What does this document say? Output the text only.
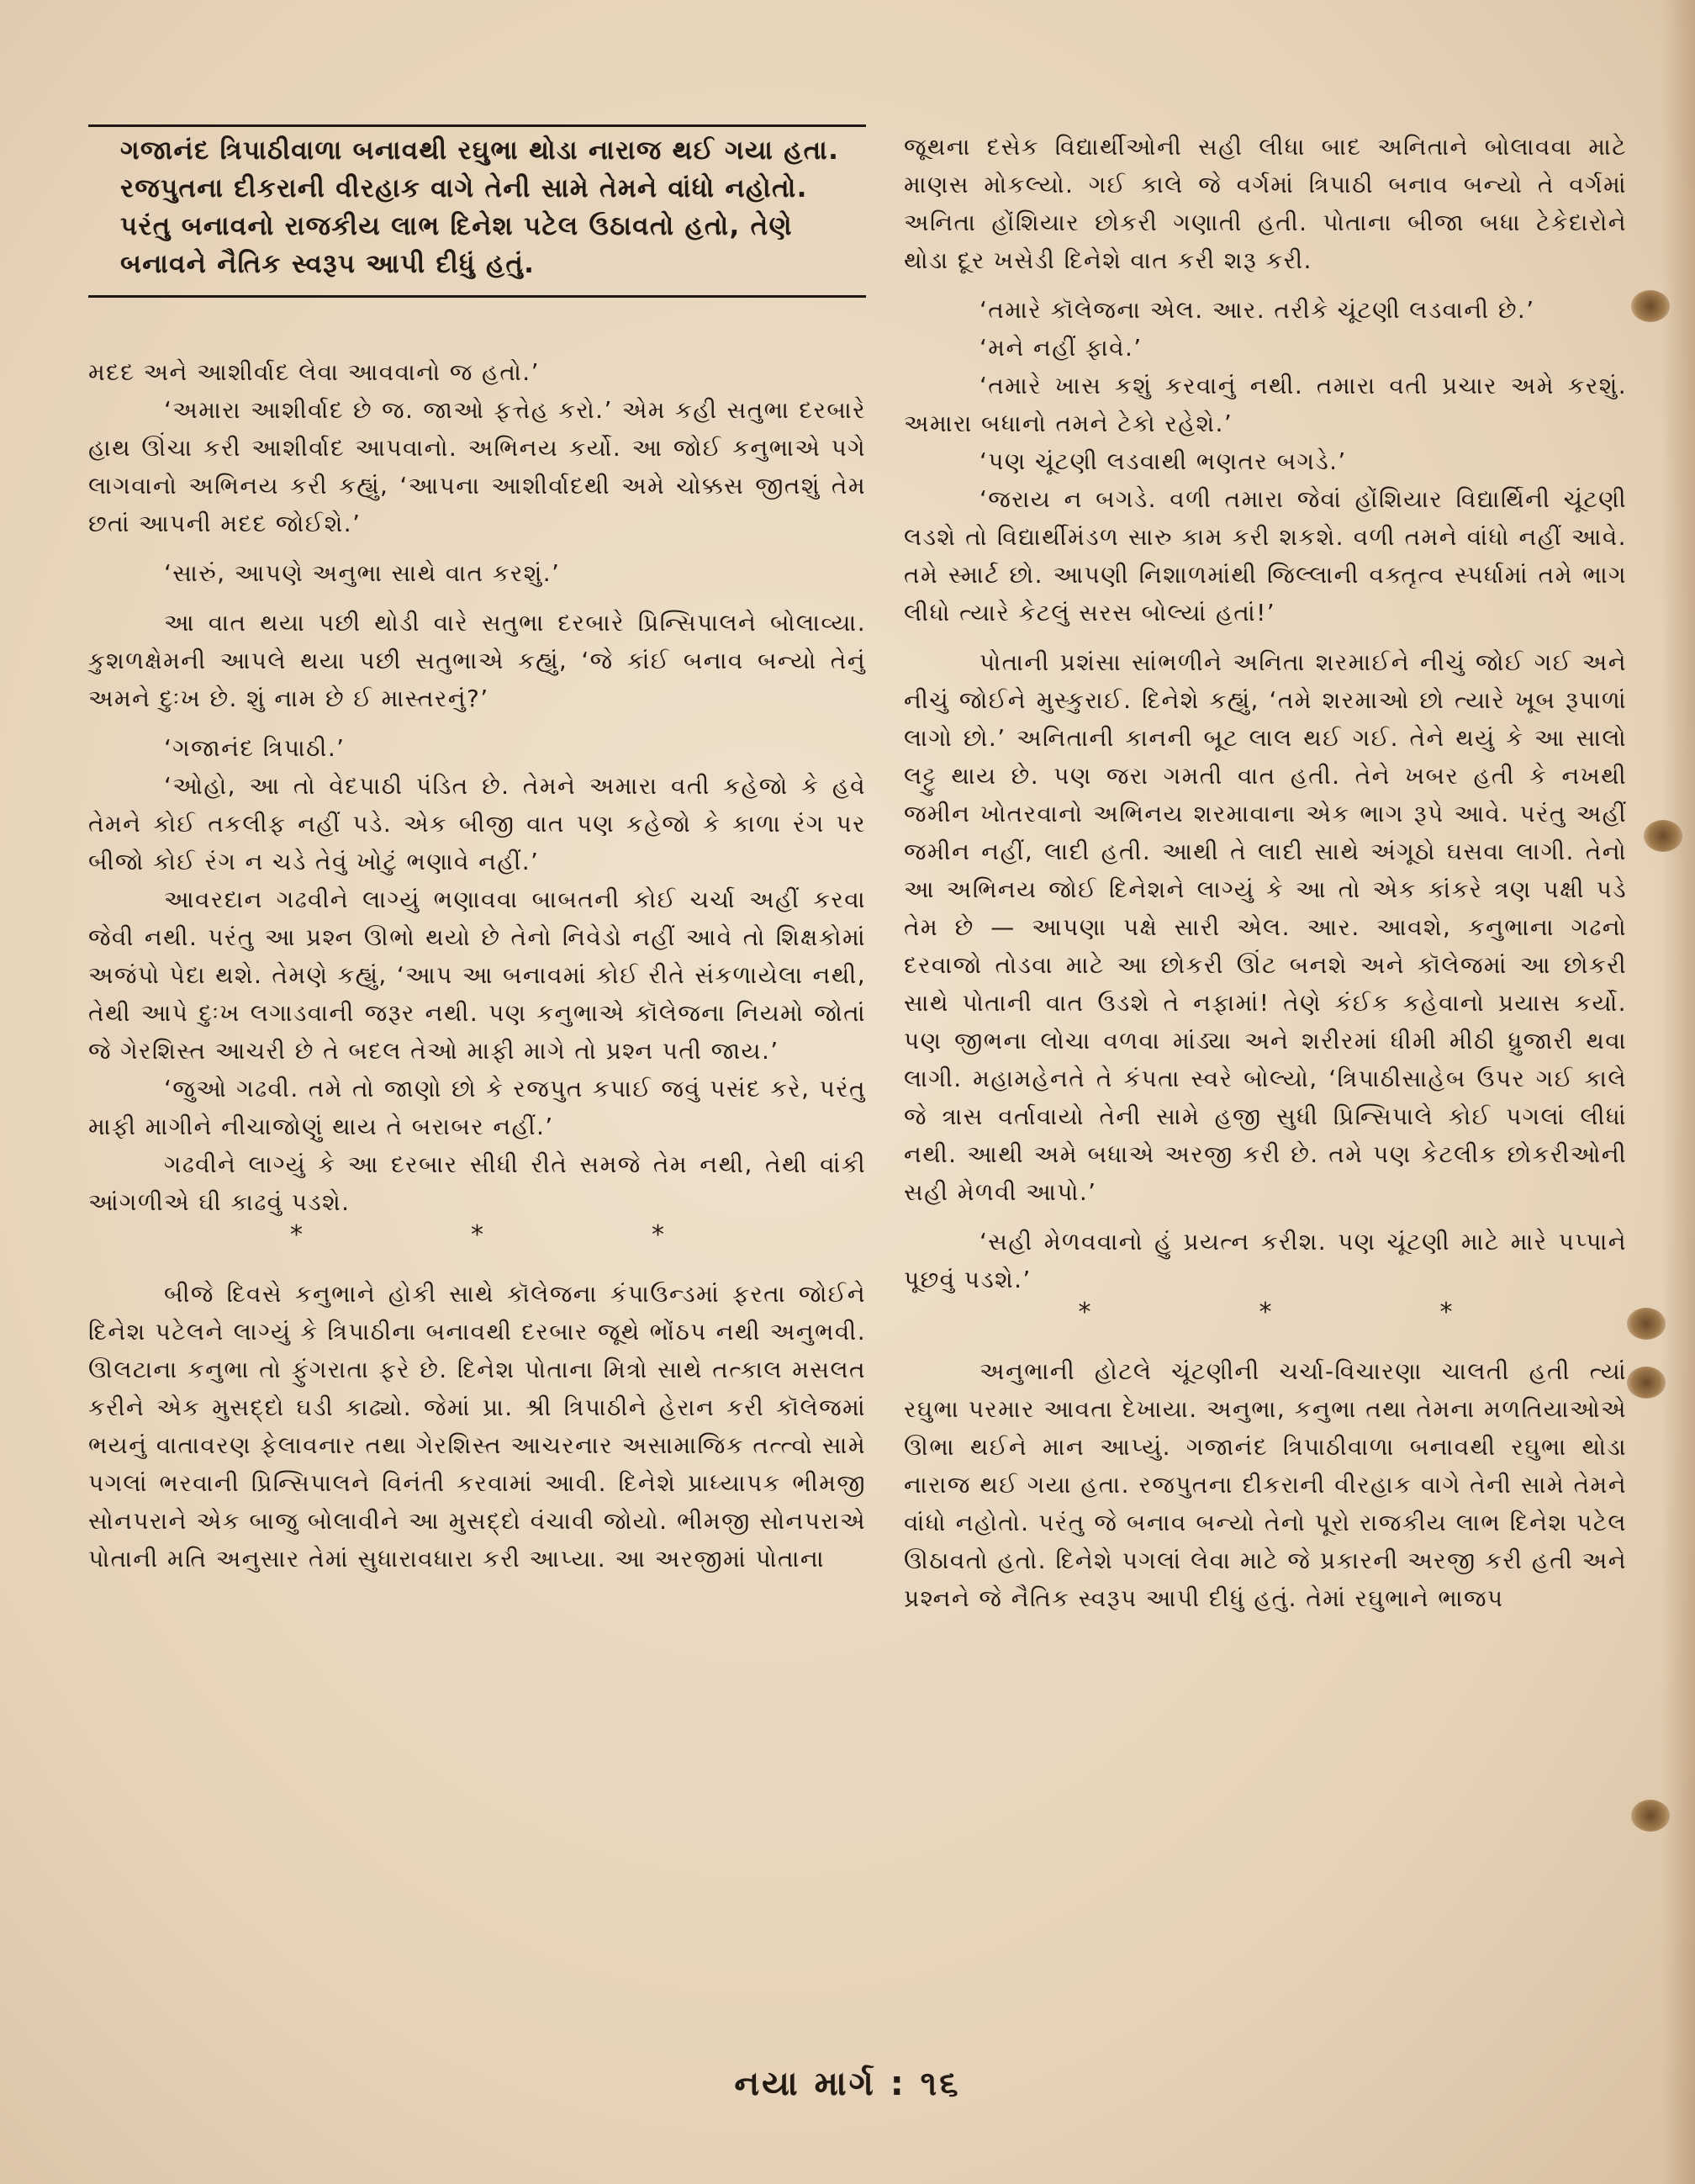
ગજાનંદ ત્રિપાઠીવાળા બનાવથી રઘુભા થોડા નારાજ થઈ ગયા હતા. રજપુતના દીકરાની વીરહાક વાગે તેની સામે તેમને વાંધો નહોતો. પરંતુ બનાવનો રાજકીય લાભ દિનેશ પટેલ ઉઠાવતો હતો, તેણે બનાવને નૈતિક સ્વરૂપ આપી દીધું હતું.

મદદ અને આશીર્વાદ લેવા આવવાનો જ હતો.’

‘અમારા આશીર્વાદ છે જ. જાઓ ફત્તેહ કરો.’ એમ કહી સતુભા દરબારે હાથ ઊંચા કરી આશીર્વાદ આપવાનો. અભિનય કર્યો. આ જોઈ કનુભાએ પગે લાગવાનો અભિનય કરી કહ્યું, ‘આપના આશીર્વાદથી અમે ચોક્કસ જીતશું તેમ છતાં આપની મદદ જોઈશે.’

‘સારું, આપણે અનુભા સાથે વાત કરશું.’

આ વાત થયા પછી થોડી વારે સતુભા દરબારે પ્રિન્સિપાલને બોલાવ્યા. કુશળક્ષેમની આપલે થયા પછી સતુભાએ કહ્યું, ‘જે કાંઈ બનાવ બન્યો તેનું અમને દુઃખ છે. શું નામ છે ઈ માસ્તરનું?’

‘ગજાનંદ ત્રિપાઠી.’

‘ઓહો, આ તો વેદપાઠી પંડિત છે. તેમને અમારા વતી કહેજો કે હવે તેમને કોઈ તકલીફ નહીં પડે. એક બીજી વાત પણ કહેજો કે કાળા રંગ પર બીજો કોઈ રંગ ન ચડે તેવું ખોટું ભણાવે નહીં.’

આવરદાન ગઢવીને લાગ્યું ભણાવવા બાબતની કોઈ ચર્ચા અહીં કરવા જેવી નથી. પરંતુ આ પ્રશ્ન ઊભો થયો છે તેનો નિવેડો નહીં આવે તો શિક્ષકોમાં અજંપો પેદા થશે. તેમણે કહ્યું, ‘આપ આ બનાવમાં કોઈ રીતે સંકળાયેલા નથી, તેથી આપે દુઃખ લગાડવાની જરૂર નથી. પણ કનુભાએ કૉલેજના નિયમો જોતાં જે ગેરશિસ્ત આચરી છે તે બદલ તેઓ માફી માગે તો પ્રશ્ન પતી જાય.’

‘જુઓ ગઢવી. તમે તો જાણો છો કે રજપુત કપાઈ જવું પસંદ કરે, પરંતુ માફી માગીને નીચાજોણું થાય તે બરાબર નહીં.’

ગઢવીને લાગ્યું કે આ દરબાર સીધી રીતે સમજે તેમ નથી, તેથી વાંકી આંગળીએ ઘી કાઢવું પડશે.

*	*	*

બીજે દિવસે કનુભાને હોકી સાથે કૉલેજના કંપાઉન્ડમાં ફરતા જોઈને દિનેશ પટેલને લાગ્યું કે ત્રિપાઠીના બનાવથી દરબાર જૂથે ભોંઠપ નથી અનુભવી. ઊલટાના કનુભા તો ફુંગરાતા ફરે છે. દિનેશ પોતાના મિત્રો સાથે તત્કાલ મસલત કરીને એક મુસદ્દો ઘડી કાઢ્યો. જેમાં પ્રા. શ્રી ત્રિપાઠીને હેરાન કરી કૉલેજમાં ભયનું વાતાવરણ ફેલાવનાર તથા ગેરશિસ્ત આચરનાર અસામાજિક તત્ત્વો સામે પગલાં ભરવાની પ્રિન્સિપાલને વિનંતી કરવામાં આવી. દિનેશે પ્રાધ્યાપક ભીમજી સોનપરાને એક બાજુ બોલાવીને આ મુસદ્દો વંચાવી જોયો. ભીમજી સોનપરાએ પોતાની મતિ અનુસાર તેમાં સુધારાવધારા કરી આપ્યા. આ અરજીમાં પોતાના

જૂથના દસેક વિદ્યાર્થીઓની સહી લીધા બાદ અનિતાને બોલાવવા માટે માણસ મોકલ્યો. ગઈ કાલે જે વર્ગમાં ત્રિપાઠી બનાવ બન્યો તે વર્ગમાં અનિતા હોંશિયાર છોકરી ગણાતી હતી. પોતાના બીજા બધા ટેકેદારોને થોડા દૂર ખસેડી દિનેશે વાત કરી શરૂ કરી.

‘તમારે કૉલેજના એલ. આર. તરીકે ચૂંટણી લડવાની છે.’

‘મને નહીં ફાવે.’

‘તમારે ખાસ કશું કરવાનું નથી. તમારા વતી પ્રચાર અમે કરશું. અમારા બધાનો તમને ટેકો રહેશે.’

‘પણ ચૂંટણી લડવાથી ભણતર બગડે.’

‘જરાય ન બગડે. વળી તમારા જેવાં હોંશિયાર વિદ્યાર્થિની ચૂંટણી લડશે તો વિદ્યાર્થીમંડળ સારુ કામ કરી શકશે. વળી તમને વાંધો નહીં આવે. તમે સ્માર્ટ છો. આપણી નિશાળમાંથી જિલ્લાની વક્તૃત્વ સ્પર્ધામાં તમે ભાગ લીધો ત્યારે કેટલું સરસ બોલ્યાં હતાં!’

પોતાની પ્રશંસા સાંભળીને અનિતા શરમાઈને નીચું જોઈ ગઈ અને નીચું જોઈને મુસ્કુરાઈ. દિનેશે કહ્યું, ‘તમે શરમાઓ છો ત્યારે ખૂબ રૂપાળાં લાગો છો.’ અનિતાની કાનની બૂટ લાલ થઈ ગઈ. તેને થયું કે આ સાલો લટ્ટુ થાય છે. પણ જરા ગમતી વાત હતી. તેને ખબર હતી કે નખથી જમીન ખોતરવાનો અભિનય શરમાવાના એક ભાગ રૂપે આવે. પરંતુ અહીં જમીન નહીં, લાદી હતી. આથી તે લાદી સાથે અંગૂઠો ઘસવા લાગી. તેનો આ અભિનય જોઈ દિનેશને લાગ્યું કે આ તો એક કાંકરે ત્રણ પક્ષી પડે તેમ છે — આપણા પક્ષે સારી એલ. આર. આવશે, કનુભાના ગઢનો દરવાજો તોડવા માટે આ છોકરી ઊંટ બનશે અને કૉલેજમાં આ છોકરી સાથે પોતાની વાત ઉડશે તે નફામાં! તેણે કંઈક કહેવાનો પ્રયાસ કર્યો. પણ જીભના લોચા વળવા માંડ્યા અને શરીરમાં ધીમી મીઠી ધ્રુજારી થવા લાગી. મહામહેનતે તે કંપતા સ્વરે બોલ્યો, ‘ત્રિપાઠીસાહેબ ઉપર ગઈ કાલે જે ત્રાસ વર્તાવાયો તેની સામે હજી સુધી પ્રિન્સિપાલે કોઈ પગલાં લીધાં નથી. આથી અમે બધાએ અરજી કરી છે. તમે પણ કેટલીક છોકરીઓની સહી મેળવી આપો.’

‘સહી મેળવવાનો હું પ્રયત્ન કરીશ. પણ ચૂંટણી માટે મારે પપ્પાને પૂછવું પડશે.’

*	*	*

અનુભાની હોટલે ચૂંટણીની ચર્ચા-વિચારણા ચાલતી હતી ત્યાં રઘુભા પરમાર આવતા દેખાયા. અનુભા, કનુભા તથા તેમના મળતિયાઓએ ઊભા થઈને માન આપ્યું. ગજાનંદ ત્રિપાઠીવાળા બનાવથી રઘુભા થોડા નારાજ થઈ ગયા હતા. રજપુતના દીકરાની વીરહાક વાગે તેની સામે તેમને વાંધો નહોતો. પરંતુ જે બનાવ બન્યો તેનો પૂરો રાજકીય લાભ દિનેશ પટેલ ઊઠાવતો હતો. દિનેશે પગલાં લેવા માટે જે પ્રકારની અરજી કરી હતી અને પ્રશ્નને જે નૈતિક સ્વરૂપ આપી દીધું હતું. તેમાં રઘુભાને ભાજપ

નયા માર્ગ : ૧૬
